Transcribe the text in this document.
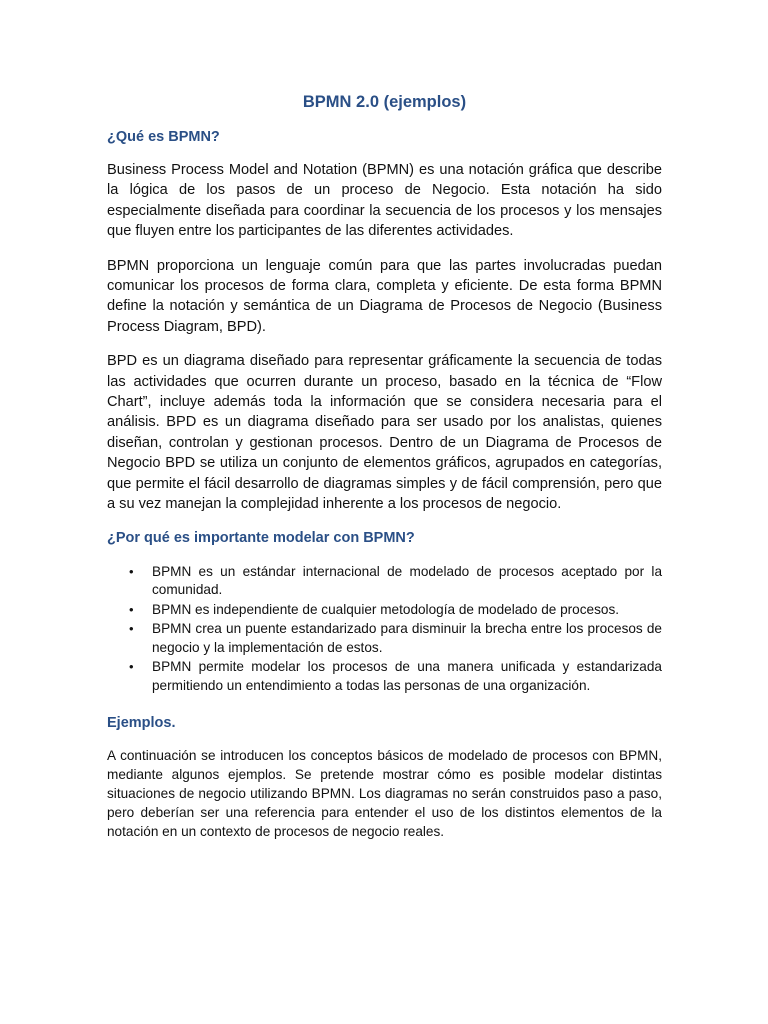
BPMN 2.0 (ejemplos)
¿Qué es BPMN?

Business Process Model and Notation (BPMN) es una notación gráfica que describe la lógica de los pasos de un proceso de Negocio. Esta notación ha sido especialmente diseñada para coordinar la secuencia de los procesos y los mensajes que fluyen entre los participantes de las diferentes actividades.

BPMN proporciona un lenguaje común para que las partes involucradas puedan comunicar los procesos de forma clara, completa y eficiente. De esta forma BPMN define la notación y semántica de un Diagrama de Procesos de Negocio (Business Process Diagram, BPD).

BPD es un diagrama diseñado para representar gráficamente la secuencia de todas las actividades que ocurren durante un proceso, basado en la técnica de “Flow Chart”, incluye además toda la información que se considera necesaria para el análisis. BPD es un diagrama diseñado para ser usado por los analistas, quienes diseñan, controlan y gestionan procesos. Dentro de un Diagrama de Procesos de Negocio BPD se utiliza un conjunto de elementos gráficos, agrupados en categorías, que permite el fácil desarrollo de diagramas simples y de fácil comprensión, pero que a su vez manejan la complejidad inherente a los procesos de negocio.

¿Por qué es importante modelar con BPMN?
• BPMN es un estándar internacional de modelado de procesos aceptado por la comunidad.
• BPMN es independiente de cualquier metodología de modelado de procesos.
• BPMN crea un puente estandarizado para disminuir la brecha entre los procesos de negocio y la implementación de estos.
• BPMN permite modelar los procesos de una manera unificada y estandarizada permitiendo un entendimiento a todas las personas de una organización.
Ejemplos.

A continuación se introducen los conceptos básicos de modelado de procesos con BPMN, mediante algunos ejemplos. Se pretende mostrar cómo es posible modelar distintas situaciones de negocio utilizando BPMN. Los diagramas no serán construidos paso a paso, pero deberían ser una referencia para entender el uso de los distintos elementos de la notación en un contexto de procesos de negocio reales.
